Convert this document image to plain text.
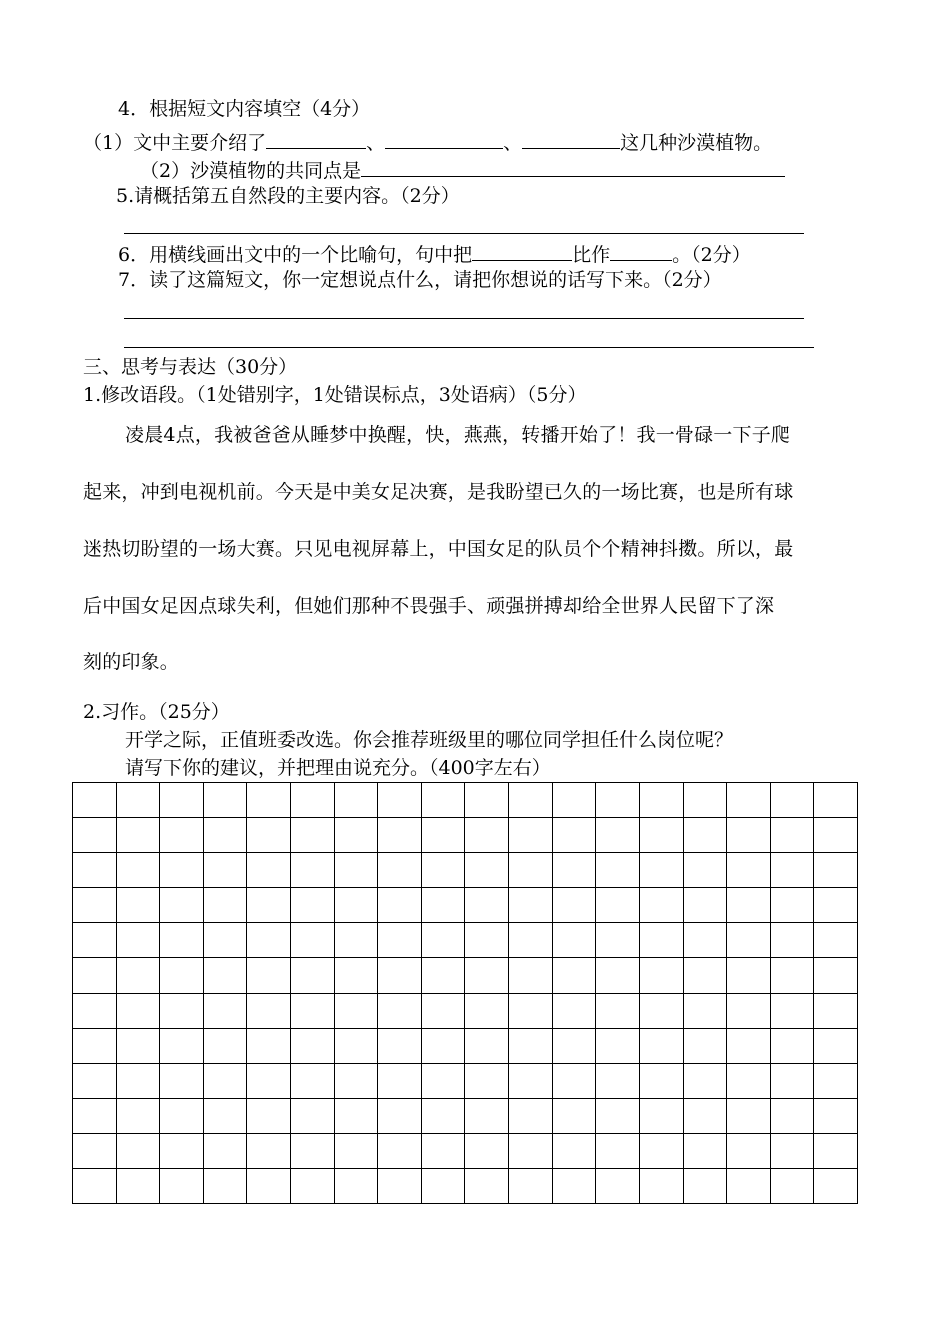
4．根据短文内容填空（4分）
（1）文中主要介绍了	、	、	这几种沙漠植物。
（2）沙漠植物的共同点是
5.请概括第五自然段的主要内容。（2分）
6．用横线画出文中的一个比喻句，句中把	比作	。（2分）
7．读了这篇短文，你一定想说点什么，请把你想说的话写下来。（2分）
三、思考与表达（30分）
1.修改语段。（1处错别字，1处错误标点，3处语病）（5分）
凌晨4点，我被爸爸从睡梦中换醒，快，燕燕，转播开始了！我一骨碌一下子爬
起来，冲到电视机前。今天是中美女足决赛，是我盼望已久的一场比赛，也是所有球
迷热切盼望的一场大赛。只见电视屏幕上，中国女足的队员个个精神抖擞。所以，最
后中国女足因点球失利，但她们那种不畏强手、顽强拼搏却给全世界人民留下了深
刻的印象。
2.习作。（25分）
开学之际，正值班委改选。你会推荐班级里的哪位同学担任什么岗位呢？
请写下你的建议，并把理由说充分。（400字左右）
